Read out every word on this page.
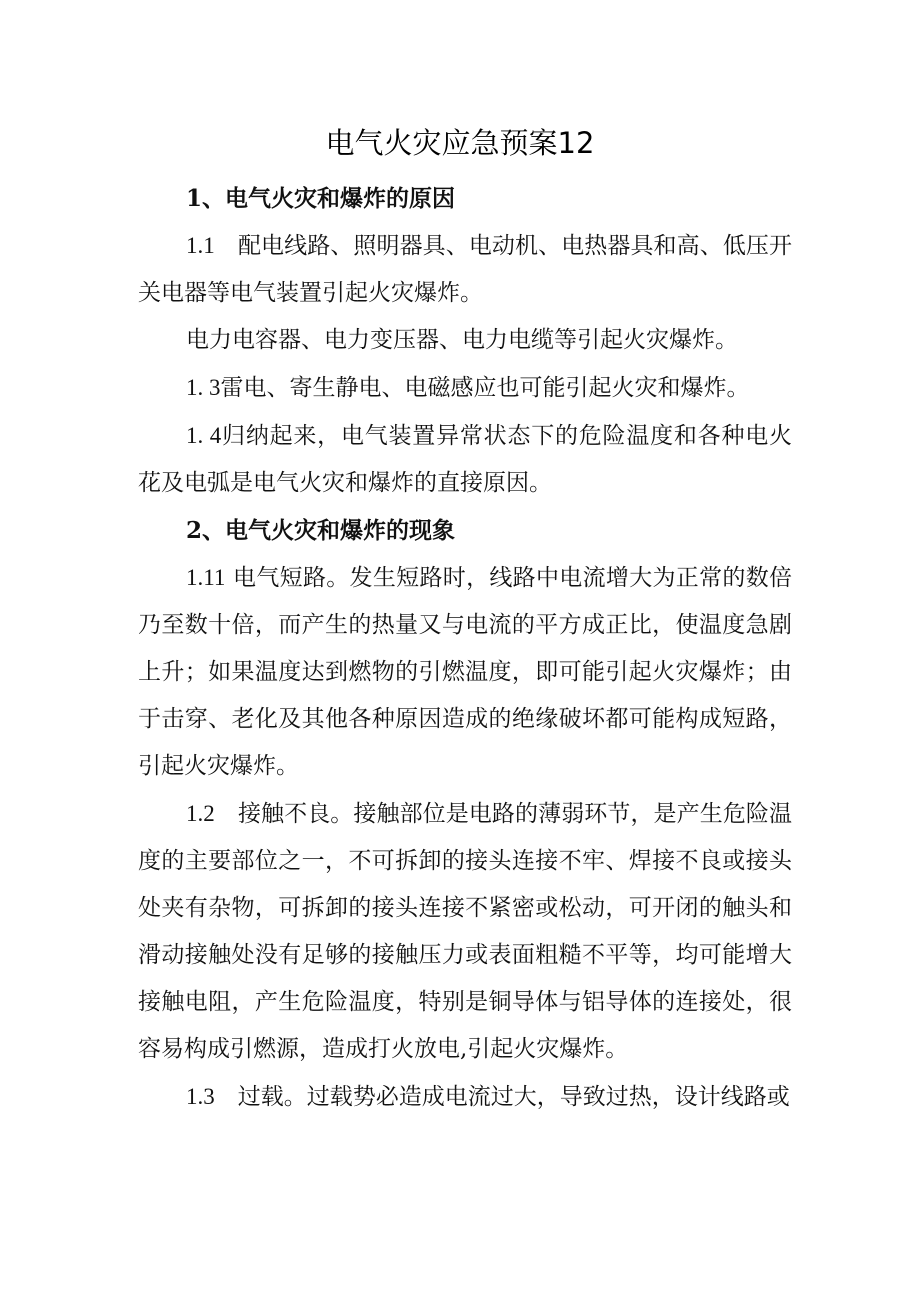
电气火灾应急预案12

1、电气火灾和爆炸的原因

1.1　 配电线路、照明器具、电动机、电热器具和高、低压开关电器等电气装置引起火灾爆炸。

电力电容器、电力变压器、电力电缆等引起火灾爆炸。

1. 3雷电、寄生静电、电磁感应也可能引起火灾和爆炸。

1. 4归纳起来，电气装置异常状态下的危险温度和各种电火花及电弧是电气火灾和爆炸的直接原因。

2、电气火灾和爆炸的现象

1.11 电气短路。发生短路时，线路中电流增大为正常的数倍乃至数十倍，而产生的热量又与电流的平方成正比，使温度急剧上升；如果温度达到燃物的引燃温度，即可能引起火灾爆炸；由于击穿、老化及其他各种原因造成的绝缘破坏都可能构成短路，引起火灾爆炸。

1.2　 接触不良。接触部位是电路的薄弱环节，是产生危险温度的主要部位之一，不可拆卸的接头连接不牢、焊接不良或接头处夹有杂物，可拆卸的接头连接不紧密或松动，可开闭的触头和滑动接触处没有足够的接触压力或表面粗糙不平等，均可能增大接触电阻，产生危险温度，特别是铜导体与铝导体的连接处，很容易构成引燃源，造成打火放电,引起火灾爆炸。

1.3　 过载。过载势必造成电流过大，导致过热，设计线路或
